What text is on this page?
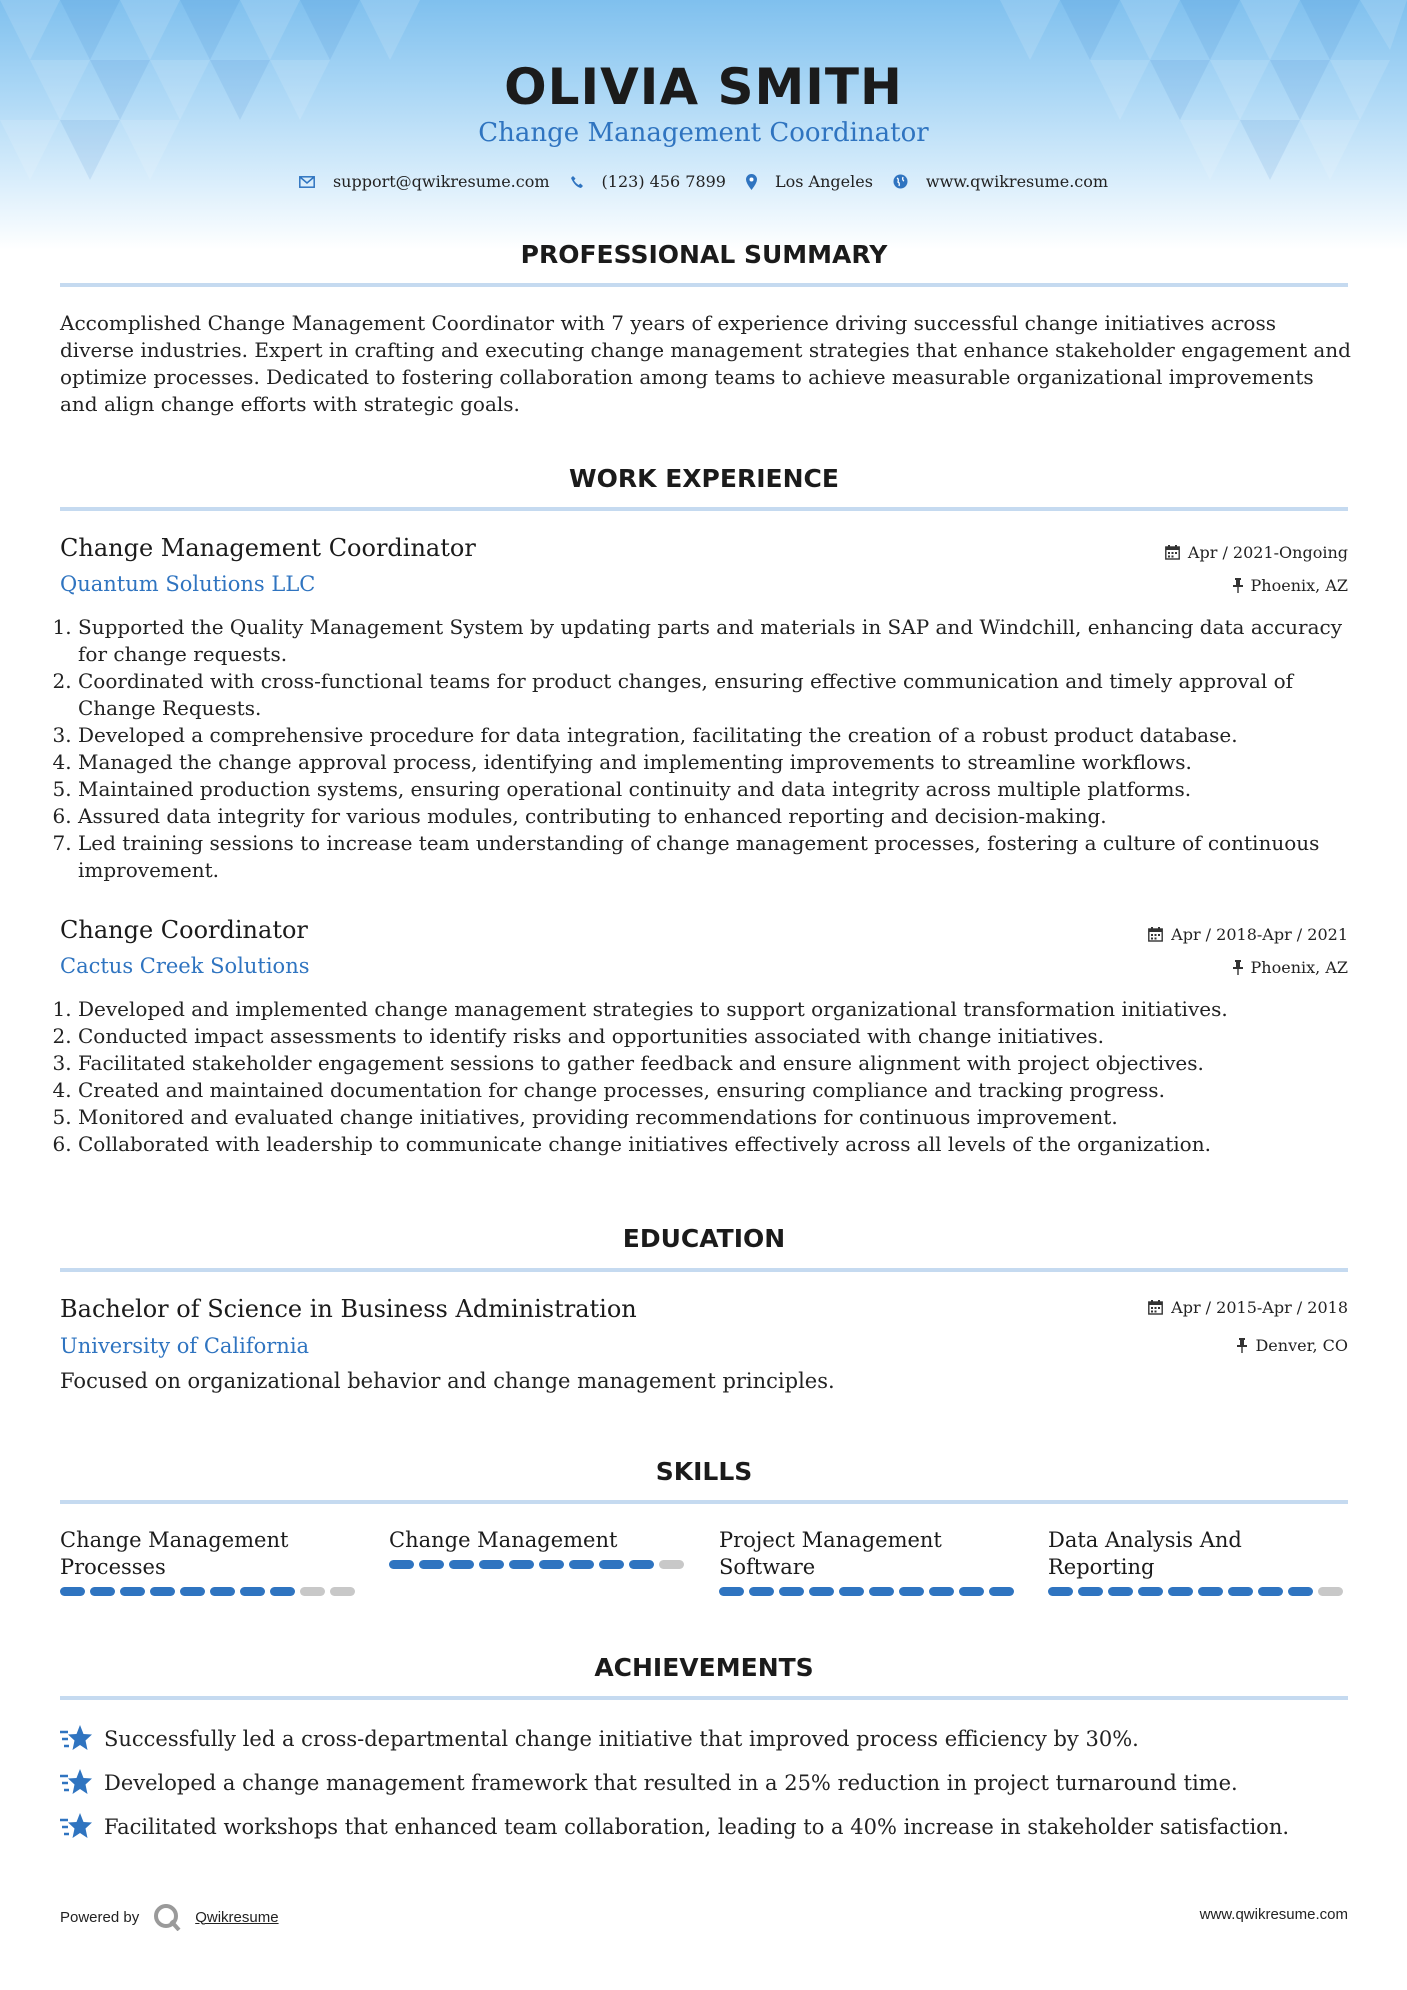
OLIVIA SMITH
Change Management Coordinator
support@qwikresume.com	(123) 456 7899	Los Angeles	www.qwikresume.com
PROFESSIONAL SUMMARY

Accomplished Change Management Coordinator with 7 years of experience driving successful change initiatives across diverse industries. Expert in crafting and executing change management strategies that enhance stakeholder engagement and optimize processes. Dedicated to fostering collaboration among teams to achieve measurable organizational improvements and align change efforts with strategic goals.

WORK EXPERIENCE
Change Management Coordinator	Apr / 2021-Ongoing
Quantum Solutions LLC	Phoenix, AZ
1. Supported the Quality Management System by updating parts and materials in SAP and Windchill, enhancing data accuracy for change requests.
2. Coordinated with cross-functional teams for product changes, ensuring effective communication and timely approval of Change Requests.
3. Developed a comprehensive procedure for data integration, facilitating the creation of a robust product database.
4. Managed the change approval process, identifying and implementing improvements to streamline workflows.
5. Maintained production systems, ensuring operational continuity and data integrity across multiple platforms.
6. Assured data integrity for various modules, contributing to enhanced reporting and decision-making.
7. Led training sessions to increase team understanding of change management processes, fostering a culture of continuous improvement.
Change Coordinator	Apr / 2018-Apr / 2021
Cactus Creek Solutions	Phoenix, AZ
1. Developed and implemented change management strategies to support organizational transformation initiatives.
2. Conducted impact assessments to identify risks and opportunities associated with change initiatives.
3. Facilitated stakeholder engagement sessions to gather feedback and ensure alignment with project objectives.
4. Created and maintained documentation for change processes, ensuring compliance and tracking progress.
5. Monitored and evaluated change initiatives, providing recommendations for continuous improvement.
6. Collaborated with leadership to communicate change initiatives effectively across all levels of the organization.
EDUCATION
Bachelor of Science in Business Administration	Apr / 2015-Apr / 2018
University of California	Denver, CO
Focused on organizational behavior and change management principles.
SKILLS
Change Management Processes
Change Management	Project Management Software
Data Analysis And Reporting
ACHIEVEMENTS
Successfully led a cross-departmental change initiative that improved process efficiency by 30%.
Developed a change management framework that resulted in a 25% reduction in project turnaround time.
Facilitated workshops that enhanced team collaboration, leading to a 40% increase in stakeholder satisfaction.
Powered by	Qwikresume	www.qwikresume.com
